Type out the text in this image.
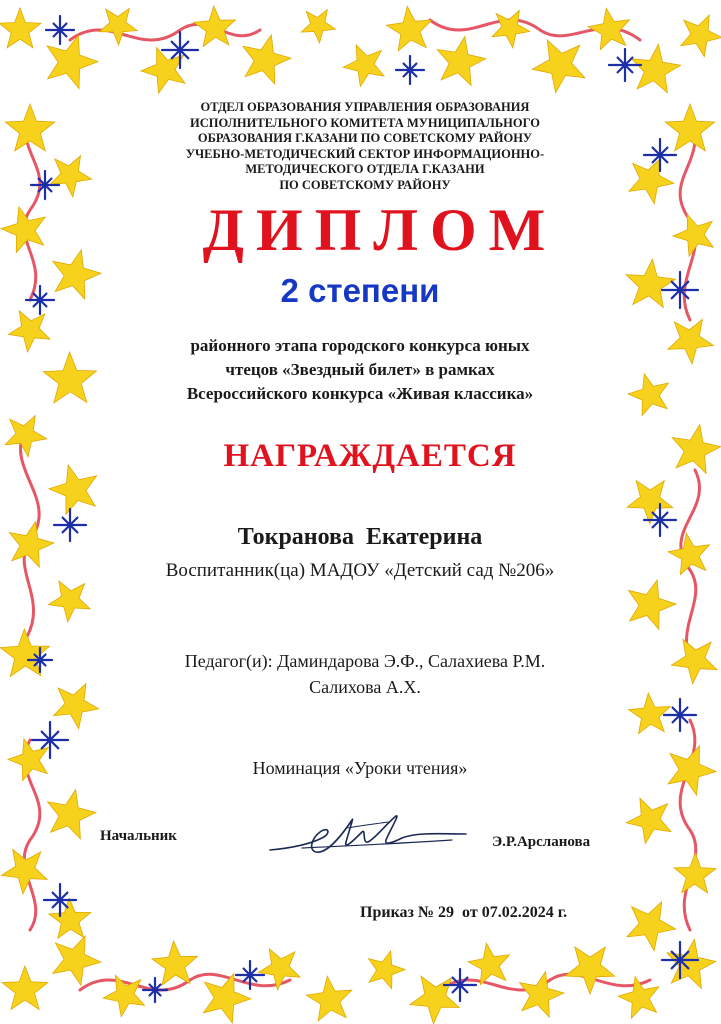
ОТДЕЛ ОБРАЗОВАНИЯ УПРАВЛЕНИЯ ОБРАЗОВАНИЯ
ИСПОЛНИТЕЛЬНОГО КОМИТЕТА МУНИЦИПАЛЬНОГО
ОБРАЗОВАНИЯ Г.КАЗАНИ ПО СОВЕТСКОМУ РАЙОНУ
УЧЕБНО-МЕТОДИЧЕСКИЙ СЕКТОР ИНФОРМАЦИОННО-
МЕТОДИЧЕСКОГО ОТДЕЛА Г.КАЗАНИ
ПО СОВЕТСКОМУ РАЙОНУ
ДИПЛОМ
2 степени
районного этапа городского конкурса юных
чтецов «Звездный билет» в рамках
Всероссийского конкурса «Живая классика»
НАГРАЖДАЕТСЯ
Токранова Екатерина
Воспитанник(ца) МАДОУ «Детский сад №206»
Педагог(и): Даминдарова Э.Ф., Салахиева Р.М.
Салихова А.Х.
Номинация «Уроки чтения»
Начальник	Э.Р.Арсланова
Приказ № 29  от 07.02.2024 г.
